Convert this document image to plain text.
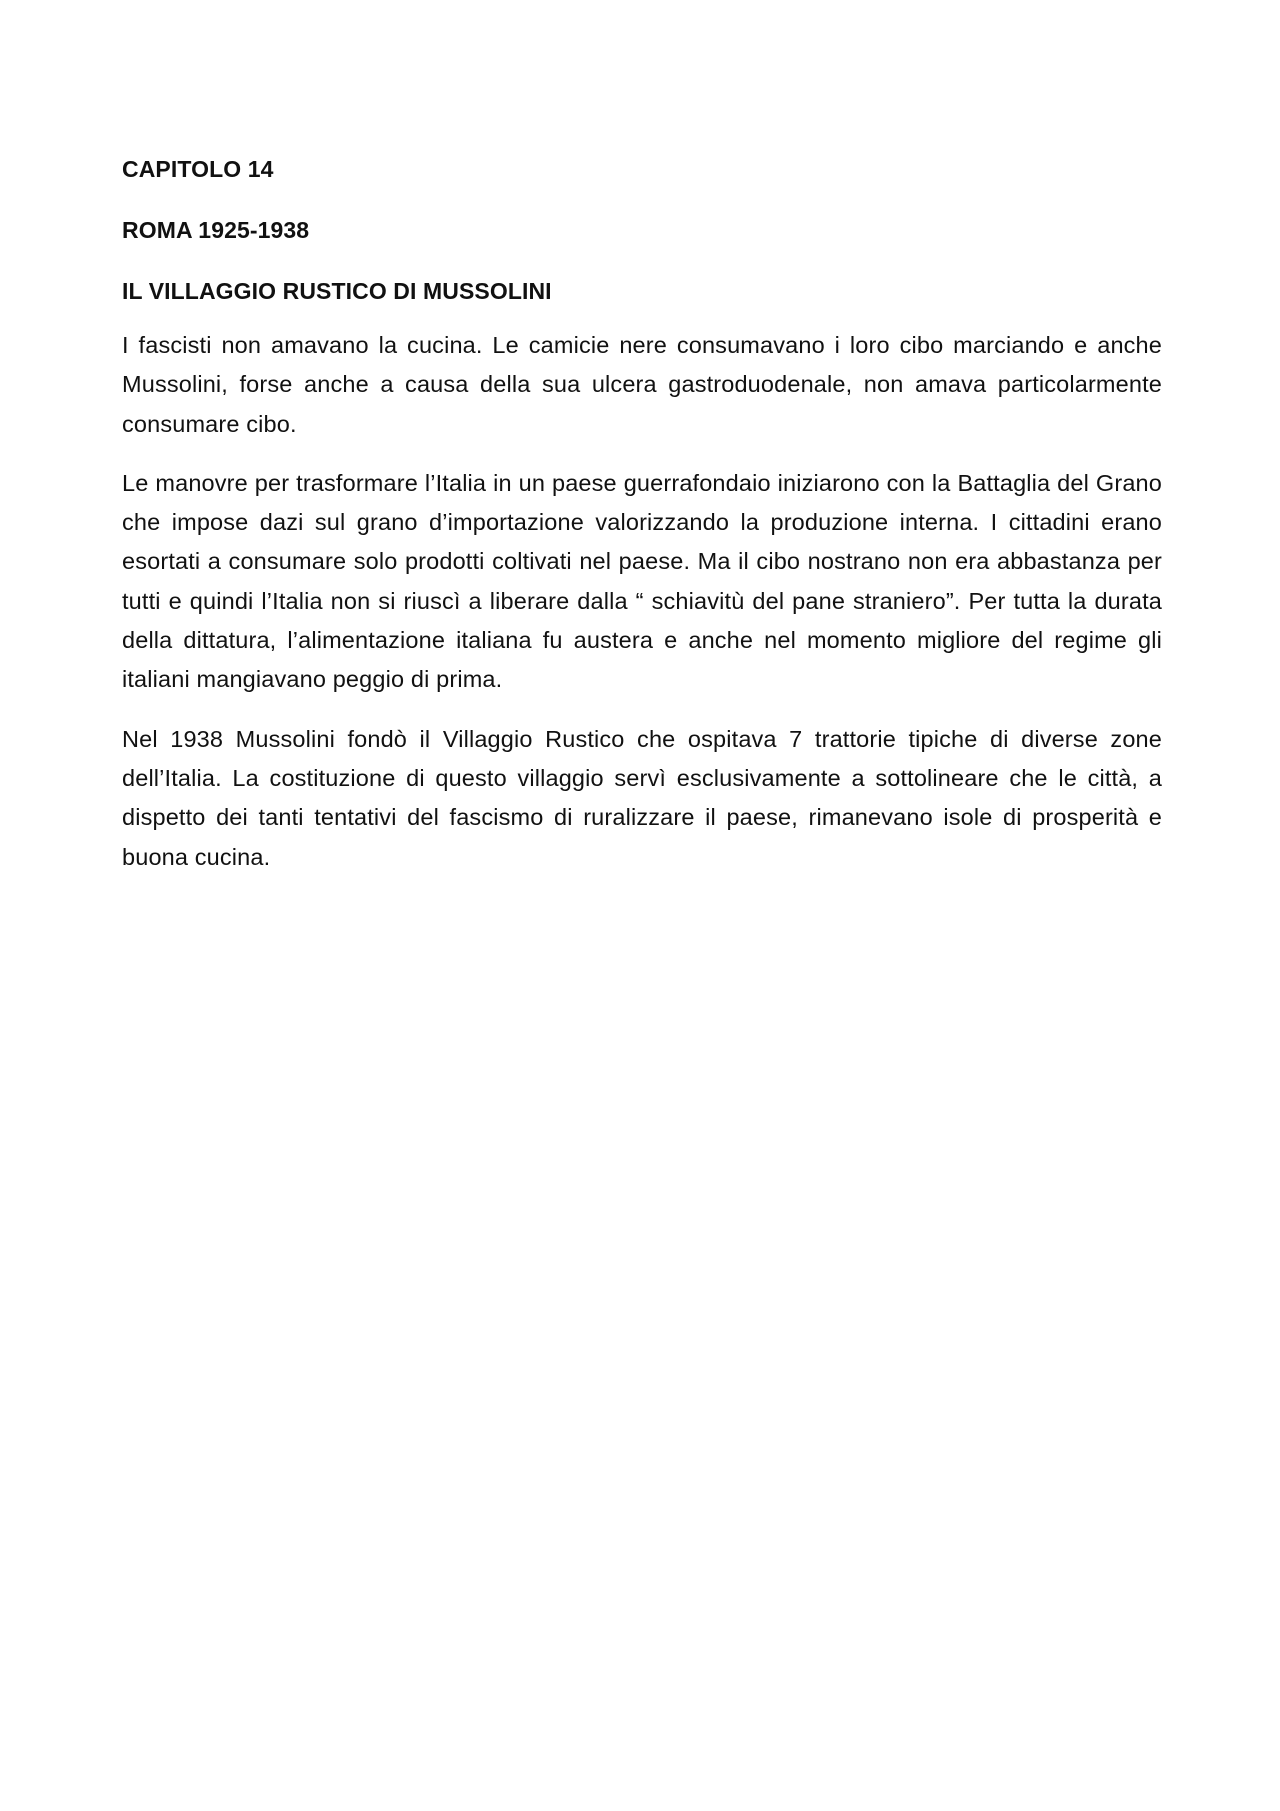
CAPITOLO 14
ROMA 1925-1938
IL VILLAGGIO RUSTICO DI MUSSOLINI

I fascisti non amavano la cucina. Le camicie nere consumavano i loro cibo marciando e anche Mussolini, forse anche a causa della sua ulcera gastroduodenale, non amava particolarmente consumare cibo.

Le manovre per trasformare l’Italia in un paese guerrafondaio iniziarono con la Battaglia del Grano che impose dazi sul grano d’importazione valorizzando la produzione interna. I cittadini erano esortati a consumare solo prodotti coltivati nel paese. Ma il cibo nostrano non era abbastanza per tutti e quindi l’Italia non si riuscì a liberare dalla “ schiavitù del pane straniero”. Per tutta la durata della dittatura, l’alimentazione italiana fu austera e anche nel momento migliore del regime gli italiani mangiavano peggio di prima.

Nel 1938 Mussolini fondò il Villaggio Rustico che ospitava 7 trattorie tipiche di diverse zone dell’Italia. La costituzione di questo villaggio servì esclusivamente a sottolineare che le città, a dispetto dei tanti tentativi del fascismo di ruralizzare il paese, rimanevano isole di prosperità e buona cucina.
